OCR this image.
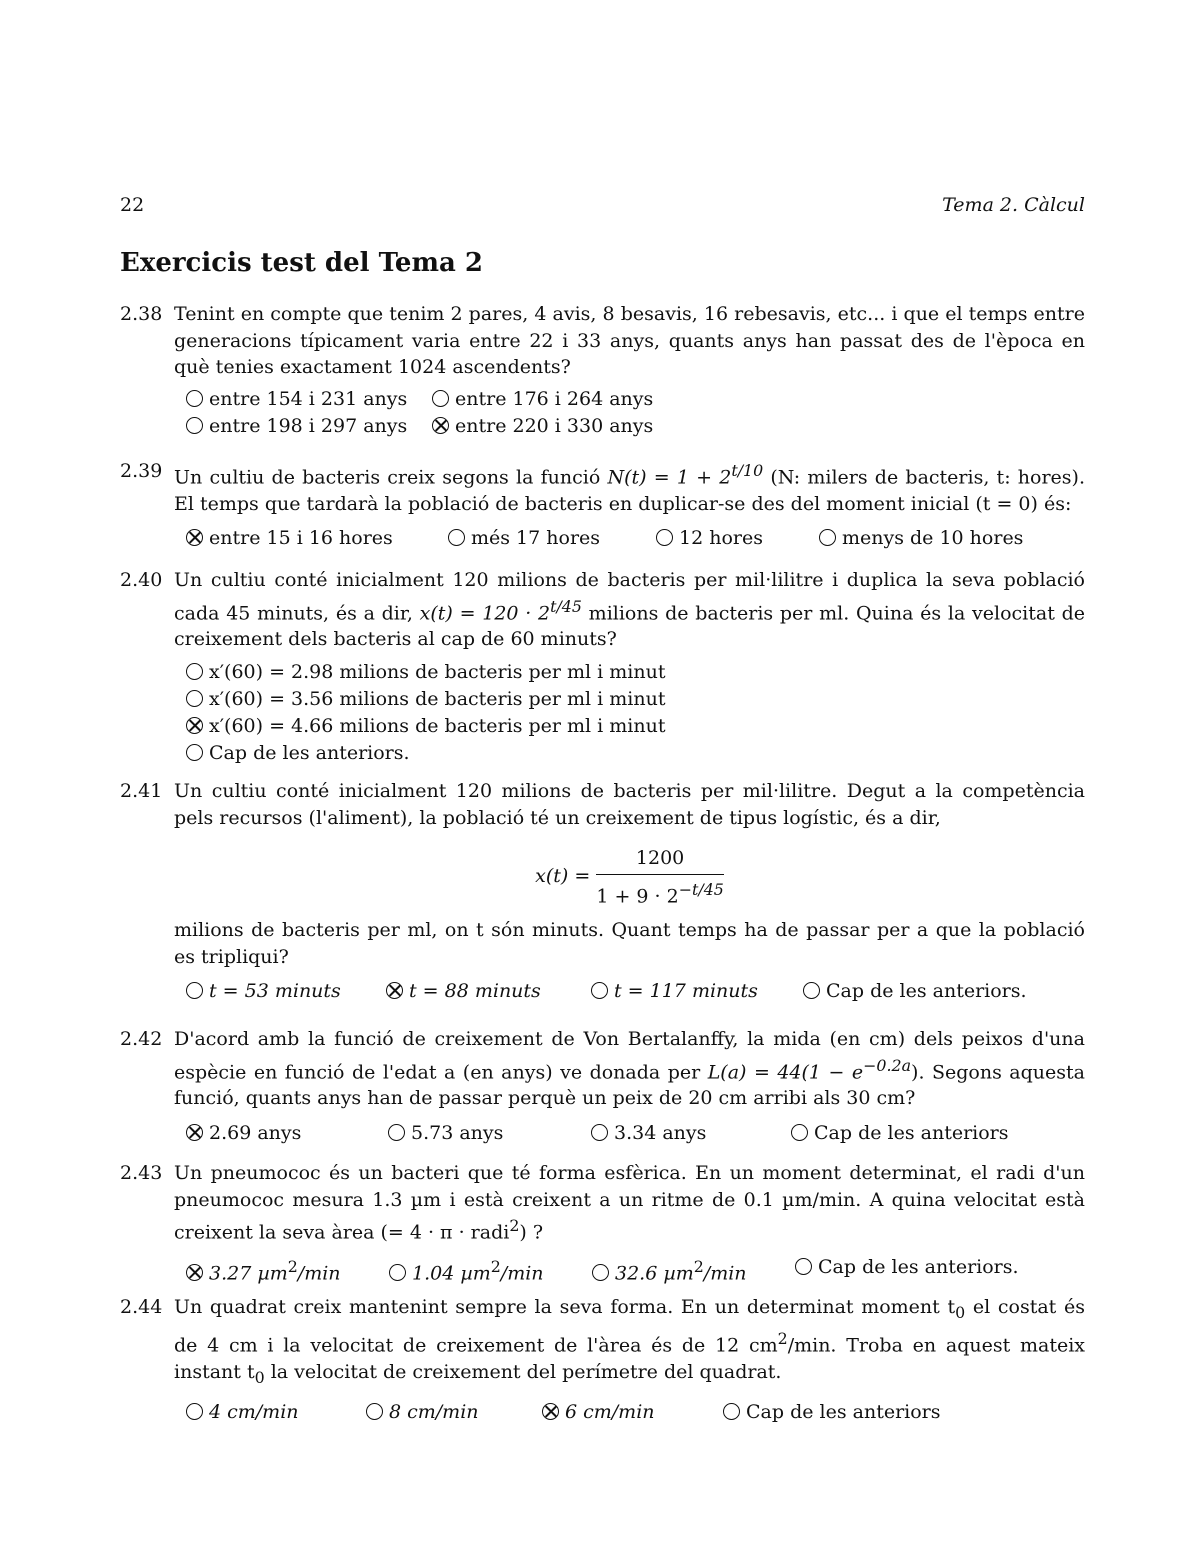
22	Tema 2. Càlcul
Exercicis test del Tema 2
2.38 Tenint en compte que tenim 2 pares, 4 avis, 8 besavis, 16 rebesavis, etc... i que el temps entre generacions típicament varia entre 22 i 33 anys, quants anys han passat des de l'època en què tenies exactament 1024 ascendents?
entre 154 i 231 anys	entre 176 i 264 anys
entre 198 i 297 anys	entre 220 i 330 anys
2.39 Un cultiu de bacteris creix segons la funció $N(t) = 1 + 2^{t/10}$ (N: milers de bacteris, t: hores). El temps que tardarà la població de bacteris en duplicar-se des del moment inicial (t = 0) és:
entre 15 i 16 hores	més 17 hores	12 hores	menys de 10 hores
2.40 Un cultiu conté inicialment 120 milions de bacteris per mil·lilitre i duplica la seva població cada 45 minuts, és a dir, $x(t) = 120 \cdot 2^{t/45}$ milions de bacteris per ml. Quina és la velocitat de creixement dels bacteris al cap de 60 minuts?
x′(60) = 2.98 milions de bacteris per ml i minut
x′(60) = 3.56 milions de bacteris per ml i minut
x′(60) = 4.66 milions de bacteris per ml i minut
Cap de les anteriors.
2.41 Un cultiu conté inicialment 120 milions de bacteris per mil·lilitre. Degut a la competència pels recursos (l'aliment), la població té un creixement de tipus logístic, és a dir,
$x(t) = \frac{1200}{1 + 9 \cdot 2^{-t/45}}$
milions de bacteris per ml, on t són minuts. Quant temps ha de passar per a que la població es tripliqui?
t = 53 minuts	t = 88 minuts	t = 117 minuts	Cap de les anteriors.
2.42 D'acord amb la funció de creixement de Von Bertalanffy, la mida (en cm) dels peixos d'una espècie en funció de l'edat a (en anys) ve donada per $L(a) = 44(1 - e^{-0.2a})$. Segons aquesta funció, quants anys han de passar perquè un peix de 20 cm arribi als 30 cm?
2.69 anys	5.73 anys	3.34 anys	Cap de les anteriors
2.43 Un pneumococ és un bacteri que té forma esfèrica. En un moment determinat, el radi d'un pneumococ mesura 1.3 µm i està creixent a un ritme de 0.1 µm/min. A quina velocitat està creixent la seva àrea (= 4 · π · radi$^2$) ?
3.27 µm$^2$/min	1.04 µm$^2$/min	32.6 µm$^2$/min	Cap de les anteriors.
2.44 Un quadrat creix mantenint sempre la seva forma. En un determinat moment $t_0$ el costat és de 4 cm i la velocitat de creixement de l'àrea és de 12 $cm^2/\min$. Troba en aquest mateix instant $t_0$ la velocitat de creixement del perímetre del quadrat.
4 cm/min	8 cm/min	6 cm/min	Cap de les anteriors
